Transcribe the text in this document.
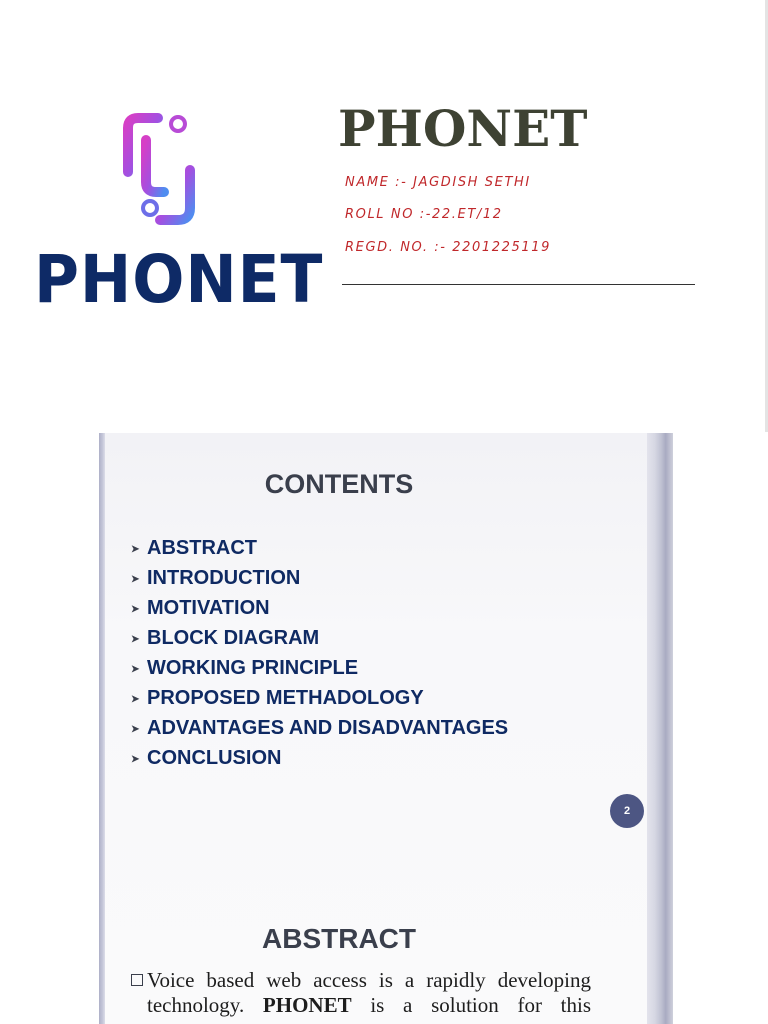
PHONET
PHONET
NAME :- JAGDISH SETHI
ROLL NO :-22.ET/12
REGD. NO. :- 2201225119
CONTENTS
➤ ABSTRACT
➤ INTRODUCTION
➤ MOTIVATION
➤ BLOCK DIAGRAM
➤ WORKING PRINCIPLE
➤ PROPOSED METHADOLOGY
➤ ADVANTAGES AND DISADVANTAGES
➤ CONCLUSION
2
ABSTRACT
Voice based web access is a rapidly developing
technology. PHONET is a solution for this
